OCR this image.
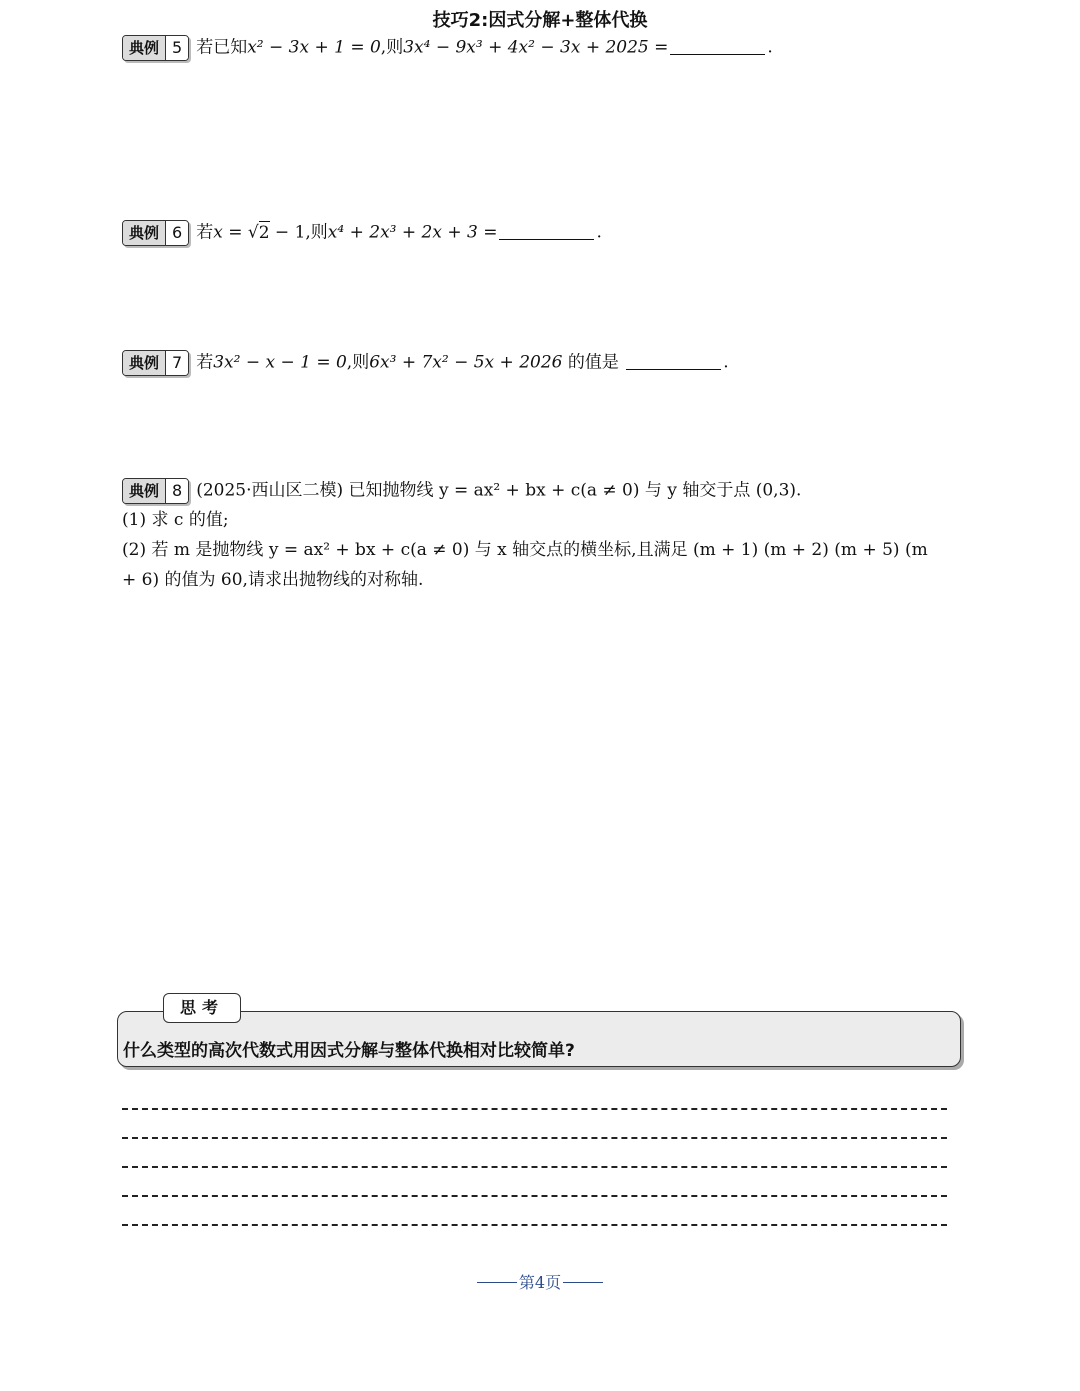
技巧2:因式分解+整体代换
典例 5 若已知x² − 3x + 1 = 0,则3x⁴ − 9x³ + 4x² − 3x + 2025 =	.
典例 6 若x = √2 − 1,则x⁴ + 2x³ + 2x + 3 =	.
典例 7 若3x² − x − 1 = 0,则6x³ + 7x² − 5x + 2026 的值是	.
典例 8 (2025·西山区二模) 已知抛物线 y = ax² + bx + c(a ≠ 0) 与 y 轴交于点 (0,3).
(1) 求 c 的值;
(2) 若 m 是抛物线 y = ax² + bx + c(a ≠ 0) 与 x 轴交点的横坐标,且满足 (m + 1) (m + 2) (m + 5) (m
+ 6) 的值为 60,请求出抛物线的对称轴.
思考
什么类型的高次代数式用因式分解与整体代换相对比较简单?
第4页
